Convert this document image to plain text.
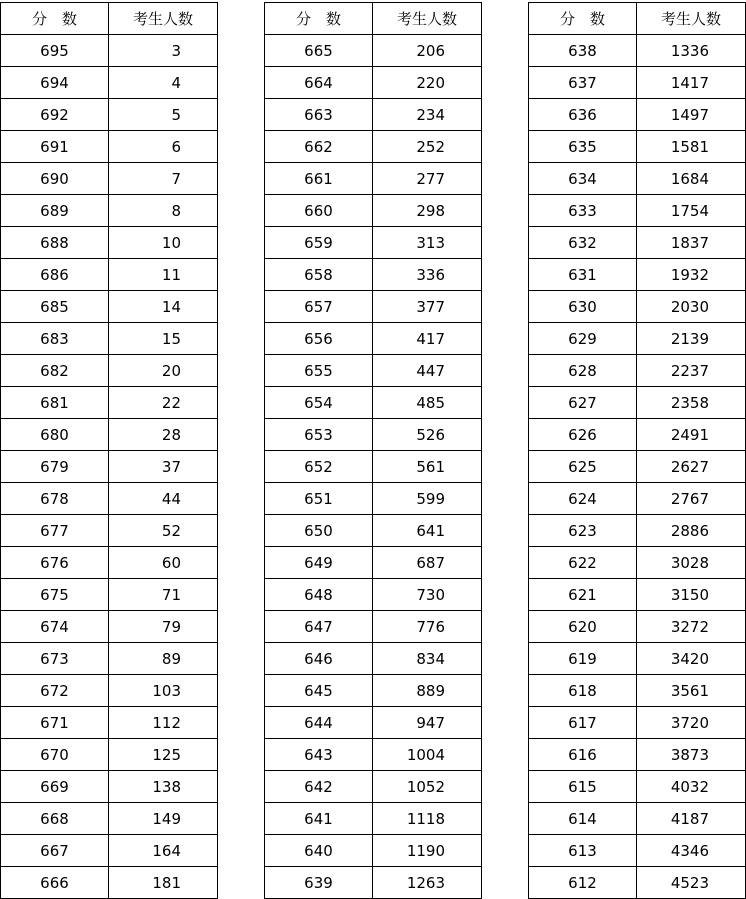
分　数	考生人数
695	3
694	4
692	5
691	6
690	7
689	8
688	10
686	11
685	14
683	15
682	20
681	22
680	28
679	37
678	44
677	52
676	60
675	71
674	79
673	89
672	103
671	112
670	125
669	138
668	149
667	164
666	181
分　数	考生人数
665	206
664	220
663	234
662	252
661	277
660	298
659	313
658	336
657	377
656	417
655	447
654	485
653	526
652	561
651	599
650	641
649	687
648	730
647	776
646	834
645	889
644	947
643	1004
642	1052
641	1118
640	1190
639	1263
分　数	考生人数
638	1336
637	1417
636	1497
635	1581
634	1684
633	1754
632	1837
631	1932
630	2030
629	2139
628	2237
627	2358
626	2491
625	2627
624	2767
623	2886
622	3028
621	3150
620	3272
619	3420
618	3561
617	3720
616	3873
615	4032
614	4187
613	4346
612	4523
